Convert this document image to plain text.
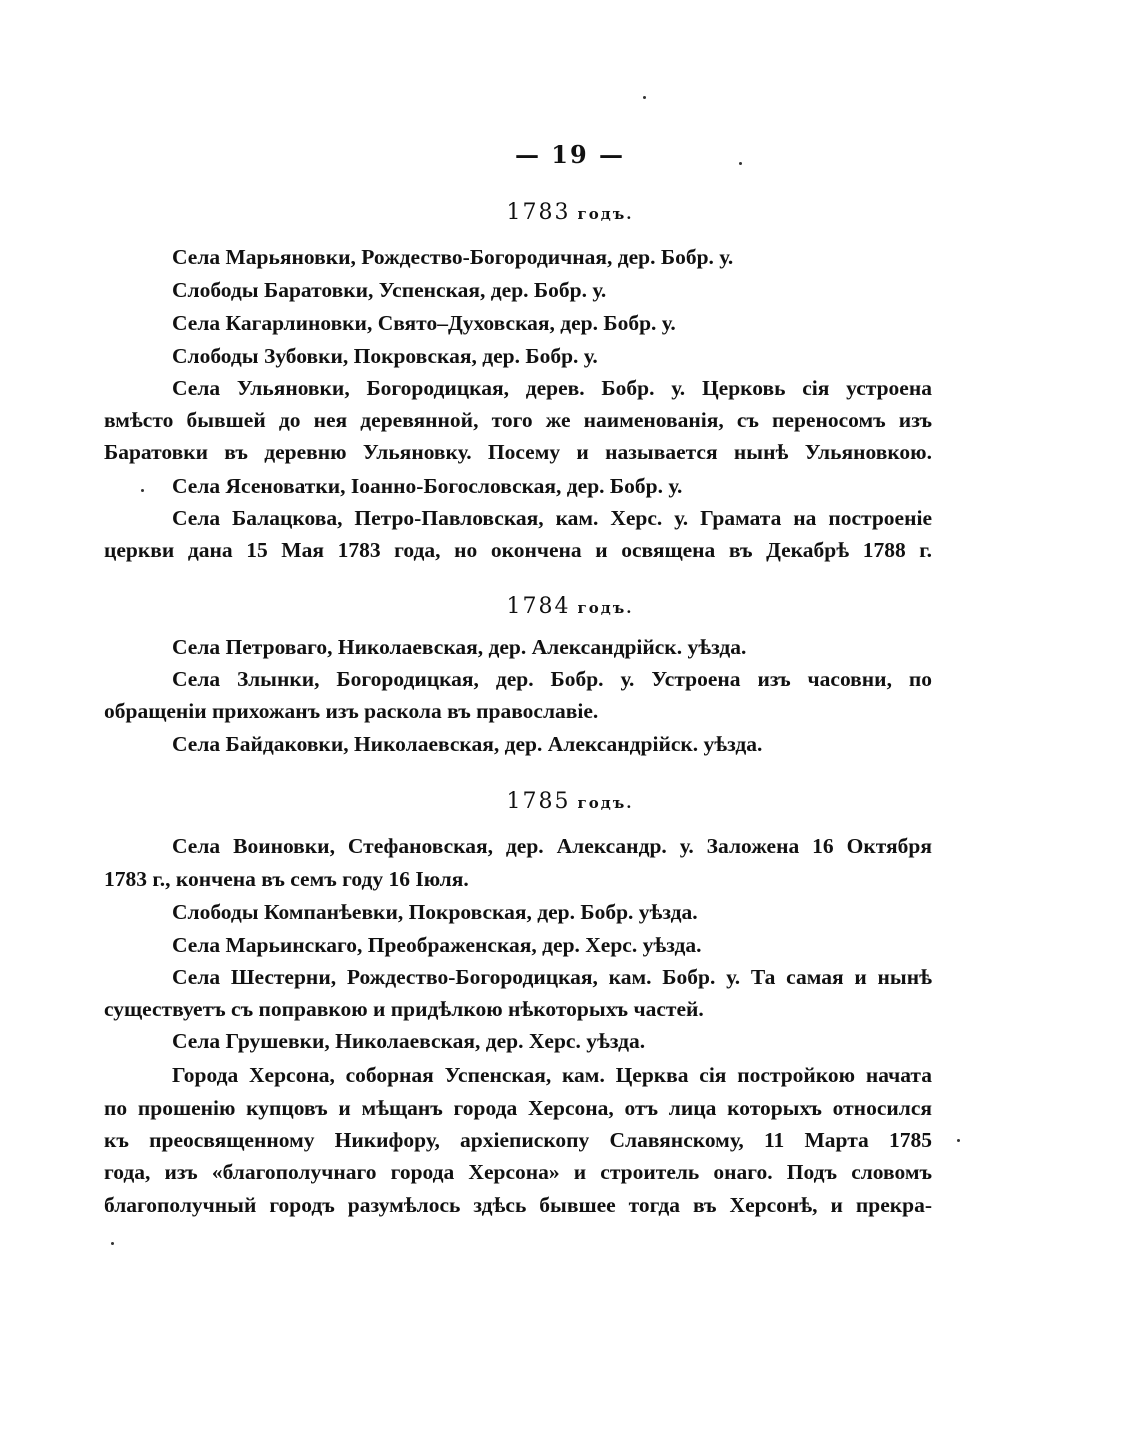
— 19 —
1783 годъ.
Села Марьяновки, Рождество-Богородичная, дер. Бобр. у.
Слободы Баратовки, Успенская, дер. Бобр. у.
Села Кагарлиновки, Свято–Духовская, дер. Бобр. у.
Слободы Зубовки, Покровская, дер. Бобр. у.
Села Ульяновки, Богородицкая, дерев. Бобр. у. Церковь сія устроена
вмѣсто бывшей до нея деревянной, того же наименованія, съ переносомъ изъ
Баратовки въ деревню Ульяновку. Посему и называется нынѣ Ульяновкою.
Села Ясеноватки, Іоанно-Богословская, дер. Бобр. у.
Села Балацкова, Петро-Павловская, кам. Херс. у. Грамата на построеніе
церкви дана 15 Мая 1783 года, но окончена и освящена въ Декабрѣ 1788 г.
1784 годъ.
Села Петроваго, Николаевская, дер. Александрійск. уѣзда.
Села Злынки, Богородицкая, дер. Бобр. у. Устроена изъ часовни, по
обращеніи прихожанъ изъ раскола въ православіе.
Села Байдаковки, Николаевская, дер. Александрійск. уѣзда.
1785 годъ.
Села Воиновки, Стефановская, дер. Александр. у. Заложена 16 Октября
1783 г., кончена въ семъ году 16 Іюля.
Слободы Компанѣевки, Покровская, дер. Бобр. уѣзда.
Села Марьинскаго, Преображенская, дер. Херс. уѣзда.
Села Шестерни, Рождество-Богородицкая, кам. Бобр. у. Та самая и нынѣ
существуетъ съ поправкою и придѣлкою нѣкоторыхъ частей.
Села Грушевки, Николаевская, дер. Херс. уѣзда.
Города Херсона, соборная Успенская, кам. Церква сія постройкою начата
по прошенію купцовъ и мѣщанъ города Херсона, отъ лица которыхъ относился
къ преосвященному Никифору, архіепископу Славянскому, 11 Марта 1785
года, изъ «благополучнаго города Херсона» и строитель онаго. Подъ словомъ
благополучный городъ разумѣлось здѣсь бывшее тогда въ Херсонѣ, и прекра-
